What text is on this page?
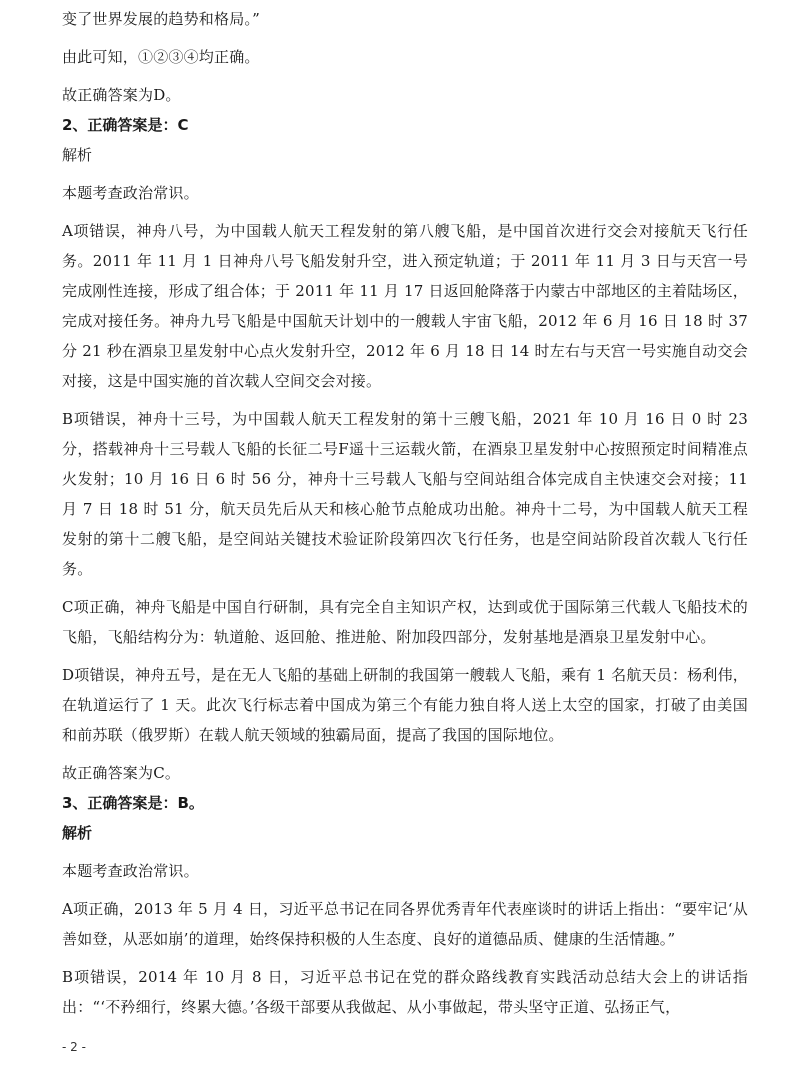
变了世界发展的趋势和格局。”

由此可知，①②③④均正确。

故正确答案为D。

2、正确答案是：C

解析

本题考查政治常识。

A项错误，神舟八号，为中国载人航天工程发射的第八艘飞船，是中国首次进行交会对接航天飞行任务。2011 年 11 月 1 日神舟八号飞船发射升空，进入预定轨道；于 2011 年 11 月 3 日与天宫一号完成刚性连接，形成了组合体；于 2011 年 11 月 17 日返回舱降落于内蒙古中部地区的主着陆场区，完成对接任务。神舟九号飞船是中国航天计划中的一艘载人宇宙飞船，2012 年 6 月 16 日 18 时 37 分 21 秒在酒泉卫星发射中心点火发射升空，2012 年 6 月 18 日 14 时左右与天宫一号实施自动交会对接，这是中国实施的首次载人空间交会对接。

B项错误，神舟十三号，为中国载人航天工程发射的第十三艘飞船，2021 年 10 月 16 日 0 时 23 分，搭载神舟十三号载人飞船的长征二号F遥十三运载火箭，在酒泉卫星发射中心按照预定时间精准点火发射；10 月 16 日 6 时 56 分，神舟十三号载人飞船与空间站组合体完成自主快速交会对接；11 月 7 日 18 时 51 分，航天员先后从天和核心舱节点舱成功出舱。神舟十二号，为中国载人航天工程发射的第十二艘飞船，是空间站关键技术验证阶段第四次飞行任务，也是空间站阶段首次载人飞行任务。

C项正确，神舟飞船是中国自行研制，具有完全自主知识产权，达到或优于国际第三代载人飞船技术的飞船，飞船结构分为：轨道舱、返回舱、推进舱、附加段四部分，发射基地是酒泉卫星发射中心。

D项错误，神舟五号，是在无人飞船的基础上研制的我国第一艘载人飞船，乘有 1 名航天员：杨利伟，在轨道运行了 1 天。此次飞行标志着中国成为第三个有能力独自将人送上太空的国家，打破了由美国和前苏联（俄罗斯）在载人航天领域的独霸局面，提高了我国的国际地位。

故正确答案为C。

3、正确答案是：B。

解析

本题考查政治常识。

A项正确，2013 年 5 月 4 日，习近平总书记在同各界优秀青年代表座谈时的讲话上指出：“要牢记‘从善如登，从恶如崩’的道理，始终保持积极的人生态度、良好的道德品质、健康的生活情趣。”

B项错误，2014 年 10 月 8 日，习近平总书记在党的群众路线教育实践活动总结大会上的讲话指出：“‘不矜细行，终累大德。’各级干部要从我做起、从小事做起，带头坚守正道、弘扬正气，

- 2 -
